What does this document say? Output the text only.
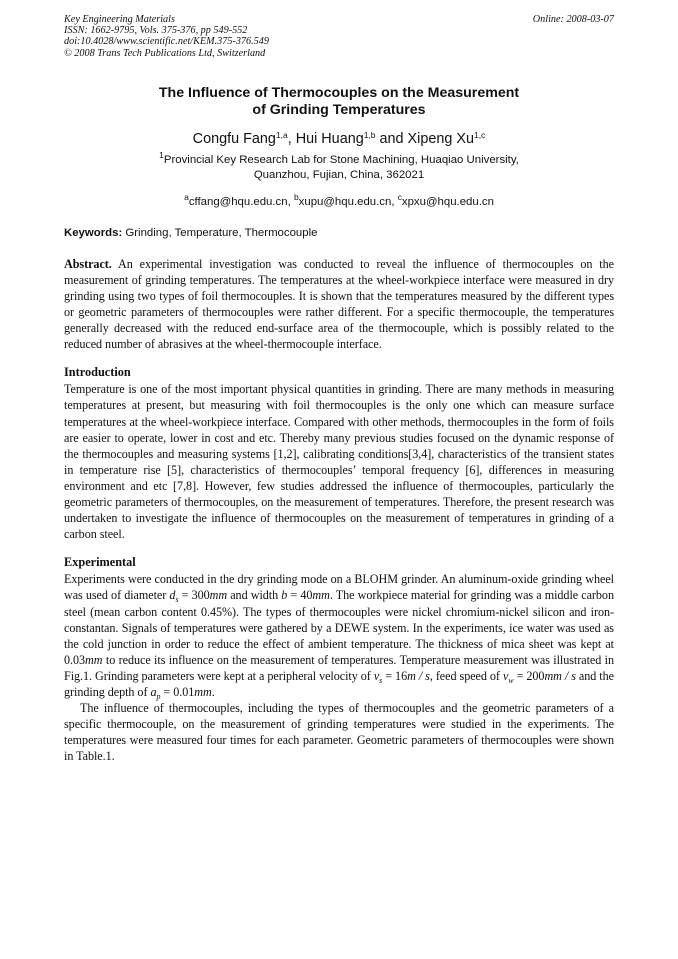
Key Engineering Materials
ISSN: 1662-9795, Vols. 375-376, pp 549-552
doi:10.4028/www.scientific.net/KEM.375-376.549
© 2008 Trans Tech Publications Ltd, Switzerland
Online: 2008-03-07
The Influence of Thermocouples on the Measurement
of Grinding Temperatures
Congfu Fang$^{1,a}$, Hui Huang$^{1,b}$ and Xipeng Xu$^{1,c}$
$^1$Provincial Key Research Lab for Stone Machining, Huaqiao University,
Quanzhou, Fujian, China, 362021
$^a$cffang@hqu.edu.cn, $^b$xupu@hqu.edu.cn, $^c$xpxu@hqu.edu.cn
Keywords: Grinding, Temperature, Thermocouple
Abstract. An experimental investigation was conducted to reveal the influence of thermocouples on the measurement of grinding temperatures. The temperatures at the wheel-workpiece interface were measured in dry grinding using two types of foil thermocouples. It is shown that the temperatures measured by the different types or geometric parameters of thermocouples were rather different. For a specific thermocouple, the temperatures generally decreased with the reduced end-surface area of the thermocouple, which is possibly related to the reduced number of abrasives at the wheel-thermocouple interface.
Introduction
Temperature is one of the most important physical quantities in grinding. There are many methods in measuring temperatures at present, but measuring with foil thermocouples is the only one which can measure surface temperatures at the wheel-workpiece interface. Compared with other methods, thermocouples in the form of foils are easier to operate, lower in cost and etc. Thereby many previous studies focused on the dynamic response of the thermocouples and measuring systems [1,2], calibrating conditions[3,4], characteristics of the transient states in temperature rise [5], characteristics of thermocouples’ temporal frequency [6], differences in measuring environment and etc [7,8]. However, few studies addressed the influence of thermocouples, particularly the geometric parameters of thermocouples, on the measurement of temperatures. Therefore, the present research was undertaken to investigate the influence of thermocouples on the measurement of temperatures in grinding of a carbon steel.
Experimental
Experiments were conducted in the dry grinding mode on a BLOHM grinder. An aluminum-oxide grinding wheel was used of diameter $d_s = 300mm$ and width b = 40mm. The workpiece material for grinding was a middle carbon steel (mean carbon content 0.45%). The types of thermocouples were nickel chromium-nickel silicon and iron-constantan. Signals of temperatures were gathered by a DEWE system. In the experiments, ice water was used as the cold junction in order to reduce the effect of ambient temperature. The thickness of mica sheet was kept at 0.03mm to reduce its influence on the measurement of temperatures. Temperature measurement was illustrated in Fig.1. Grinding parameters were kept at a peripheral velocity of $v_s = 16m / s$, feed speed of $v_w = 200mm / s$ and the grinding depth of $a_p = 0.01mm$.
The influence of thermocouples, including the types of thermocouples and the geometric parameters of a specific thermocouple, on the measurement of grinding temperatures were studied in the experiments. The temperatures were measured four times for each parameter. Geometric parameters of thermocouples were shown in Table.1.
